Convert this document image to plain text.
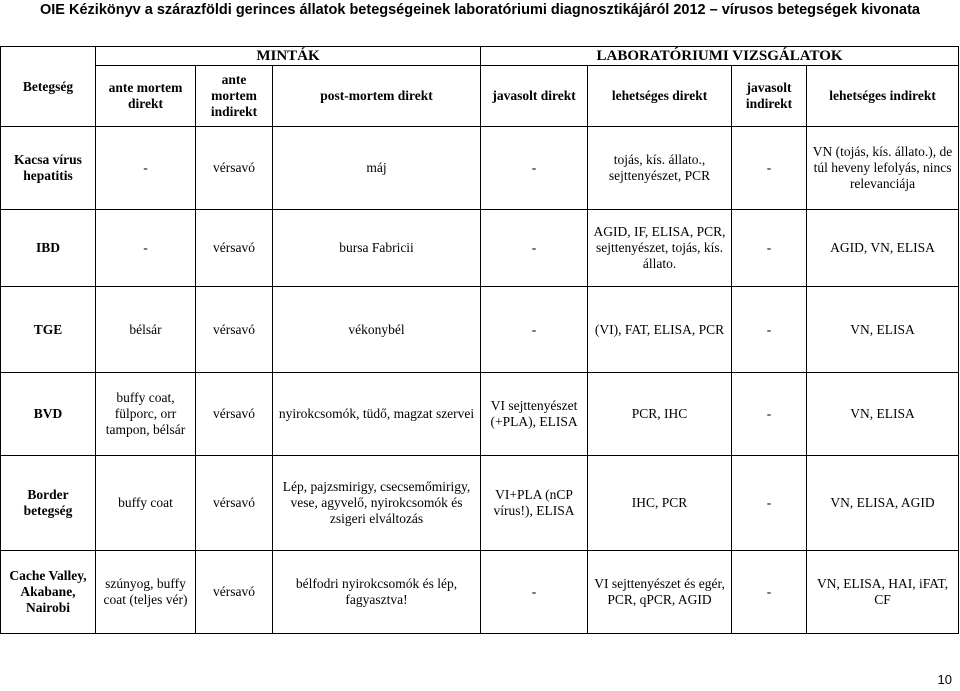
OIE Kézikönyv a szárazföldi gerinces állatok betegségeinek laboratóriumi diagnosztikájáról 2012 – vírusos betegségek kivonata
Betegség	MINTÁK			LABORATÓRIUMI VIZSGÁLATOK			
	ante mortem direkt	ante mortem indirekt	post-mortem direkt	javasolt direkt	lehetséges direkt	javasolt indirekt	lehetséges indirekt
Kacsa vírus hepatitis	-	vérsavó	máj	-	tojás, kís. állato., sejttenyészet, PCR	-	VN (tojás, kís. állato.), de túl heveny lefolyás, nincs relevanciája
IBD	-	vérsavó	bursa Fabricii	-	AGID, IF, ELISA, PCR, sejttenyészet, tojás, kís. állato.	-	AGID, VN, ELISA
TGE	bélsár	vérsavó	vékonybél	-	(VI), FAT, ELISA, PCR	-	VN, ELISA
BVD	buffy coat, fülporc, orr tampon, bélsár	vérsavó	nyirokcsomók, tüdő, magzat szervei	VI sejttenyészet (+PLA), ELISA	PCR, IHC	-	VN, ELISA
Border betegség	buffy coat	vérsavó	Lép, pajzsmirigy, csecsemőmirigy, vese, agyvelő, nyirokcsomók és zsigeri elváltozás	VI+PLA (nCP vírus!), ELISA	IHC, PCR	-	VN, ELISA, AGID
Cache Valley, Akabane, Nairobi	szúnyog, buffy coat (teljes vér)	vérsavó	bélfodri nyirokcsomók és lép, fagyasztva!	-	VI sejttenyészet és egér, PCR, qPCR, AGID	-	VN, ELISA, HAI, iFAT, CF
10
